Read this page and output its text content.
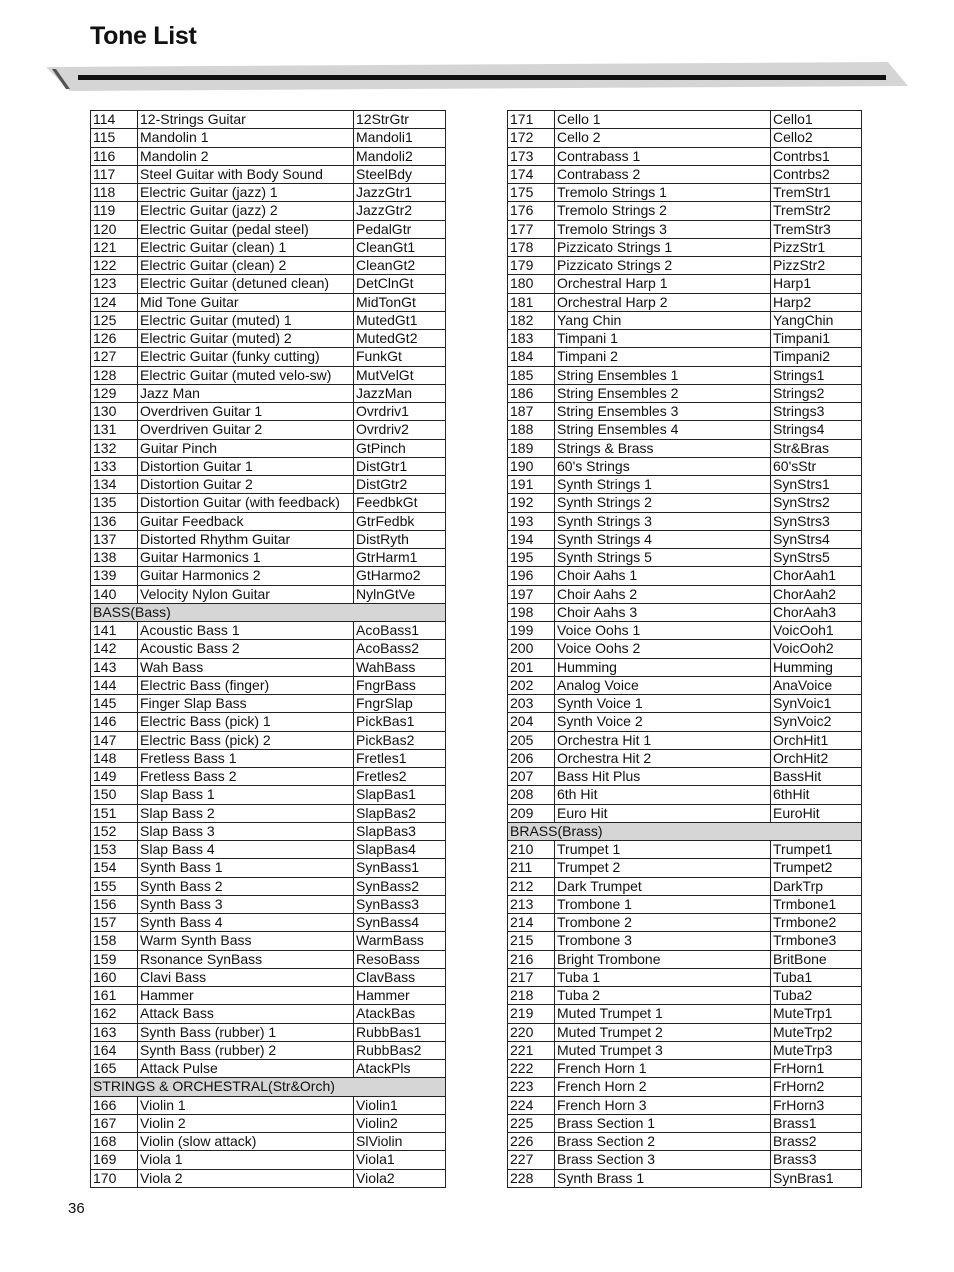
Tone List
114	12-Strings Guitar	12StrGtr
115	Mandolin 1	Mandoli1
116	Mandolin 2	Mandoli2
117	Steel Guitar with Body Sound	SteelBdy
118	Electric Guitar (jazz) 1	JazzGtr1
119	Electric Guitar (jazz) 2	JazzGtr2
120	Electric Guitar (pedal steel)	PedalGtr
121	Electric Guitar (clean) 1	CleanGt1
122	Electric Guitar (clean) 2	CleanGt2
123	Electric Guitar (detuned clean)	DetClnGt
124	Mid Tone Guitar	MidTonGt
125	Electric Guitar (muted) 1	MutedGt1
126	Electric Guitar (muted) 2	MutedGt2
127	Electric Guitar (funky cutting)	FunkGt
128	Electric Guitar (muted velo-sw)	MutVelGt
129	Jazz Man	JazzMan
130	Overdriven Guitar 1	Ovrdriv1
131	Overdriven Guitar 2	Ovrdriv2
132	Guitar Pinch	GtPinch
133	Distortion Guitar 1	DistGtr1
134	Distortion Guitar 2	DistGtr2
135	Distortion Guitar (with feedback)	FeedbkGt
136	Guitar Feedback	GtrFedbk
137	Distorted Rhythm Guitar	DistRyth
138	Guitar Harmonics 1	GtrHarm1
139	Guitar Harmonics 2	GtHarmo2
140	Velocity Nylon Guitar	NylnGtVe
BASS(Bass)		
141	Acoustic Bass 1	AcoBass1
142	Acoustic Bass 2	AcoBass2
143	Wah Bass	WahBass
144	Electric Bass (finger)	FngrBass
145	Finger Slap Bass	FngrSlap
146	Electric Bass (pick) 1	PickBas1
147	Electric Bass (pick) 2	PickBas2
148	Fretless Bass 1	Fretles1
149	Fretless Bass 2	Fretles2
150	Slap Bass 1	SlapBas1
151	Slap Bass 2	SlapBas2
152	Slap Bass 3	SlapBas3
153	Slap Bass 4	SlapBas4
154	Synth Bass 1	SynBass1
155	Synth Bass 2	SynBass2
156	Synth Bass 3	SynBass3
157	Synth Bass 4	SynBass4
158	Warm Synth Bass	WarmBass
159	Rsonance SynBass	ResoBass
160	Clavi Bass	ClavBass
161	Hammer	Hammer
162	Attack Bass	AtackBas
163	Synth Bass (rubber) 1	RubbBas1
164	Synth Bass (rubber) 2	RubbBas2
165	Attack Pulse	AtackPls
STRINGS & ORCHESTRAL(Str&Orch)		
166	Violin 1	Violin1
167	Violin 2	Violin2
168	Violin (slow attack)	SlViolin
169	Viola 1	Viola1
170	Viola 2	Viola2
171	Cello 1	Cello1
172	Cello 2	Cello2
173	Contrabass 1	Contrbs1
174	Contrabass 2	Contrbs2
175	Tremolo Strings 1	TremStr1
176	Tremolo Strings 2	TremStr2
177	Tremolo Strings 3	TremStr3
178	Pizzicato Strings 1	PizzStr1
179	Pizzicato Strings 2	PizzStr2
180	Orchestral Harp 1	Harp1
181	Orchestral Harp 2	Harp2
182	Yang Chin	YangChin
183	Timpani 1	Timpani1
184	Timpani 2	Timpani2
185	String Ensembles 1	Strings1
186	String Ensembles 2	Strings2
187	String Ensembles 3	Strings3
188	String Ensembles 4	Strings4
189	Strings & Brass	Str&Bras
190	60's Strings	60'sStr
191	Synth Strings 1	SynStrs1
192	Synth Strings 2	SynStrs2
193	Synth Strings 3	SynStrs3
194	Synth Strings 4	SynStrs4
195	Synth Strings 5	SynStrs5
196	Choir Aahs 1	ChorAah1
197	Choir Aahs 2	ChorAah2
198	Choir Aahs 3	ChorAah3
199	Voice Oohs 1	VoicOoh1
200	Voice Oohs 2	VoicOoh2
201	Humming	Humming
202	Analog Voice	AnaVoice
203	Synth Voice 1	SynVoic1
204	Synth Voice 2	SynVoic2
205	Orchestra Hit 1	OrchHit1
206	Orchestra Hit 2	OrchHit2
207	Bass Hit Plus	BassHit
208	6th Hit	6thHit
209	Euro Hit	EuroHit
BRASS(Brass)		
210	Trumpet 1	Trumpet1
211	Trumpet 2	Trumpet2
212	Dark Trumpet	DarkTrp
213	Trombone 1	Trmbone1
214	Trombone 2	Trmbone2
215	Trombone 3	Trmbone3
216	Bright Trombone	BritBone
217	Tuba 1	Tuba1
218	Tuba 2	Tuba2
219	Muted Trumpet 1	MuteTrp1
220	Muted Trumpet 2	MuteTrp2
221	Muted Trumpet 3	MuteTrp3
222	French Horn 1	FrHorn1
223	French Horn 2	FrHorn2
224	French Horn 3	FrHorn3
225	Brass Section 1	Brass1
226	Brass Section 2	Brass2
227	Brass Section 3	Brass3
228	Synth Brass 1	SynBras1
36
